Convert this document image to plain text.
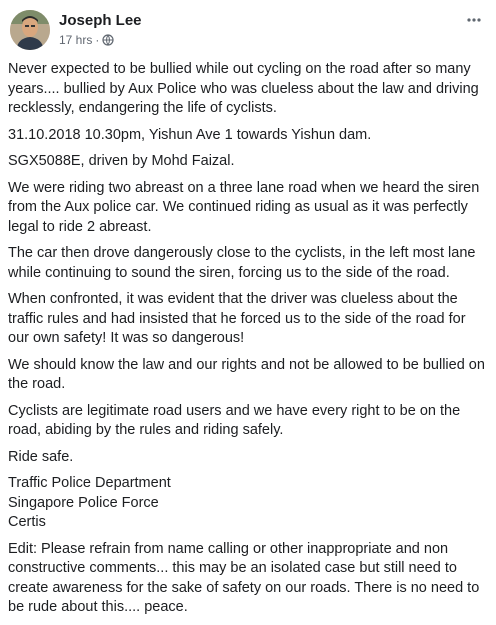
Joseph Lee
17 hrs ·

Never expected to be bullied while out cycling on the road after so many years.... bullied by Aux Police who was clueless about the law and driving recklessly, endangering the life of cyclists.

31.10.2018 10.30pm, Yishun Ave 1 towards Yishun dam.

SGX5088E, driven by Mohd Faizal.

We were riding two abreast on a three lane road when we heard the siren from the Aux police car. We continued riding as usual as it was perfectly legal to ride 2 abreast.

The car then drove dangerously close to the cyclists, in the left most lane while continuing to sound the siren, forcing us to the side of the road.

When confronted, it was evident that the driver was clueless about the traffic rules and had insisted that he forced us to the side of the road for our own safety! It was so dangerous!

We should know the law and our rights and not be allowed to be bullied on the road.

Cyclists are legitimate road users and we have every right to be on the road, abiding by the rules and riding safely.

Ride safe.

Traffic Police Department
Singapore Police Force
Certis

Edit: Please refrain from name calling or other inappropriate and non constructive comments... this may be an isolated case but still need to create awareness for the sake of safety on our roads. There is no need to be rude about this.... peace.
